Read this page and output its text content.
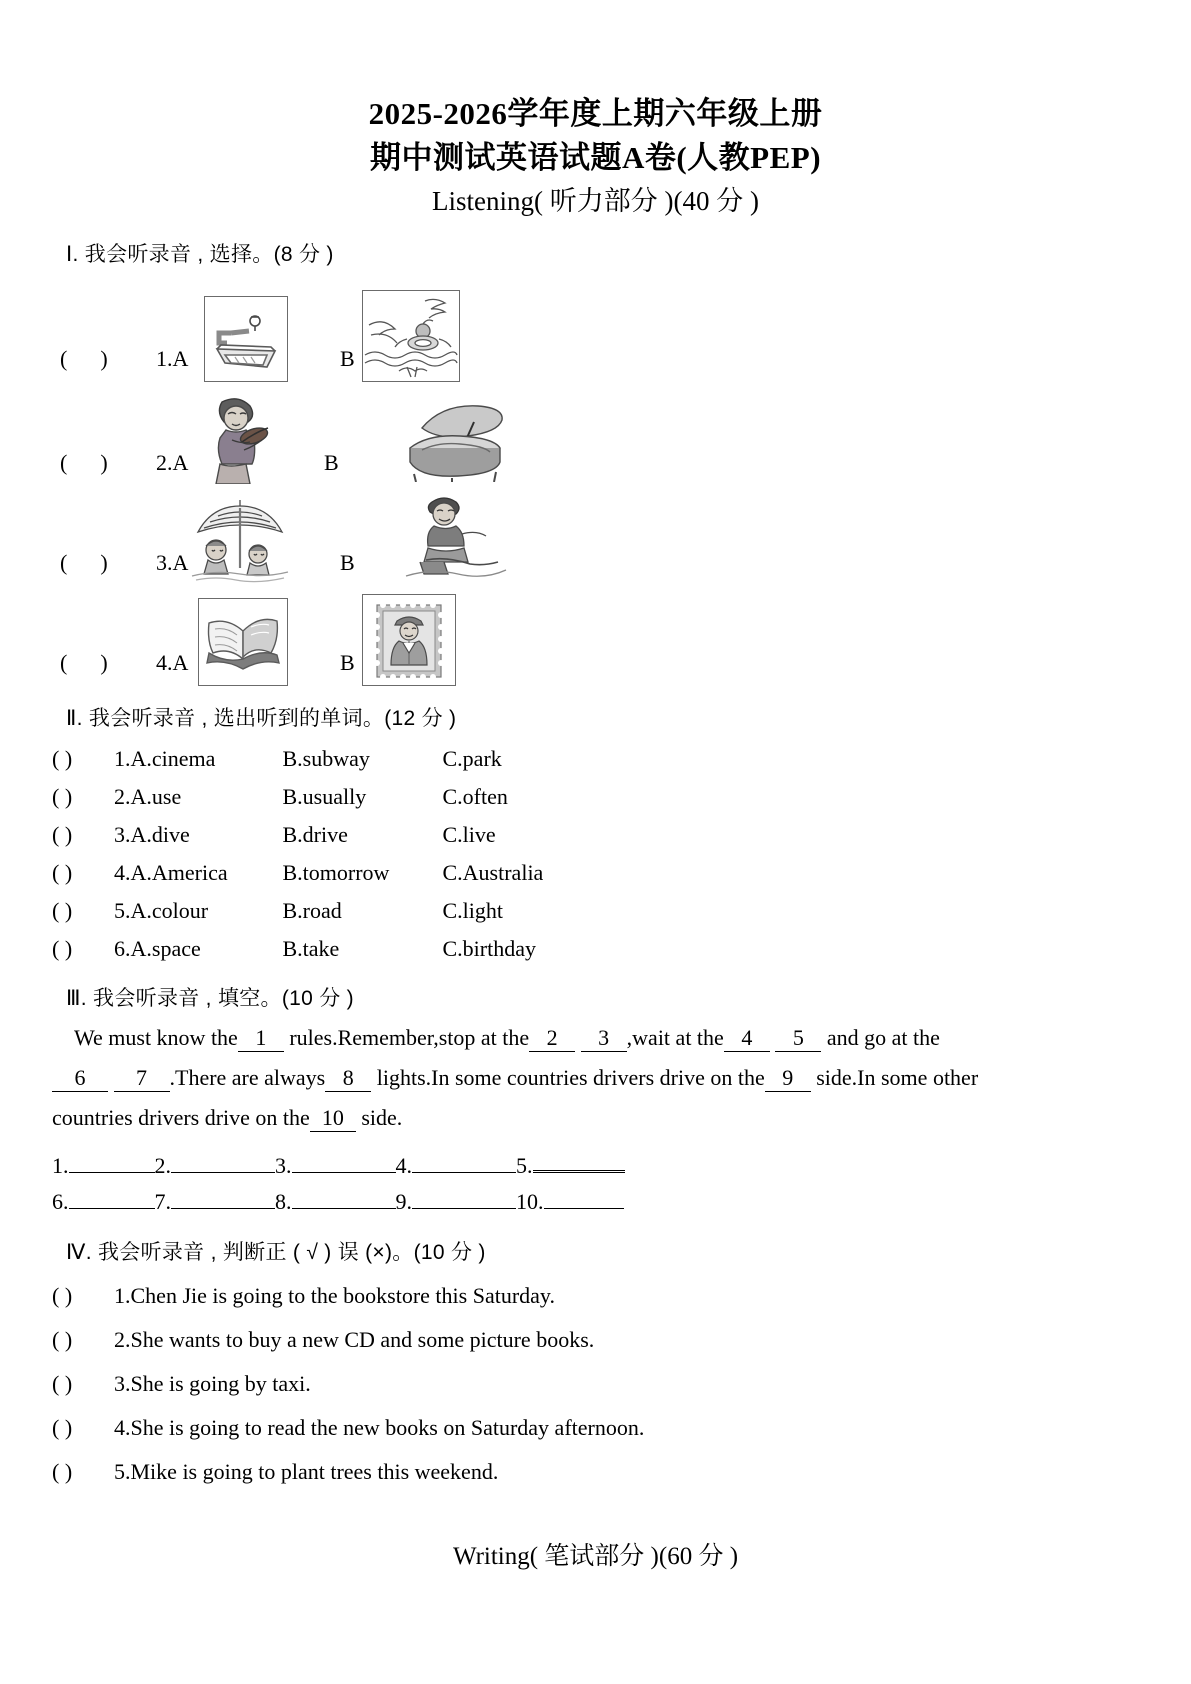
2025-2026学年度上期六年级上册
期中测试英语试题A卷(人教PEP)
Listening( 听力部分 )(40 分 )
Ⅰ. 我会听录音 , 选择。(8 分 )
(      ) 1.A	B
(      ) 2.A	B
(      ) 3.A	B
(      ) 4.A	B
Ⅱ. 我会听录音 , 选出听到的单词。(12 分 )
( ) 1.A.cinema	B.subway	C.park
( ) 2.A.use	B.usually	C.often
( ) 3.A.dive	B.drive	C.live
( ) 4.A.America B.tomorrow C.Australia
( ) 5.A.colour	B.road	C.light
( ) 6.A.space	B.take	C.birthday
Ⅲ. 我会听录音 , 填空。(10 分 )

We must know the 1 rules.Remember,stop at the 2 3 ,wait at the 4 5 and go at the

6 7 .There are always 8 lights.In some countries drivers drive on the 9 side.In some other

countries drivers drive on the 10 side.

1.	2.	3.	4.	5.
6.	7.	8.	9.	10.
Ⅳ. 我会听录音 , 判断正 ( √ ) 误 (×)。(10 分 )
( ) 1.Chen Jie is going to the bookstore this Saturday.
( ) 2.She wants to buy a new CD and some picture books.
( ) 3.She is going by taxi.
( ) 4.She is going to read the new books on Saturday afternoon.
( ) 5.Mike is going to plant trees this weekend.
Writing( 笔试部分 )(60 分 )
